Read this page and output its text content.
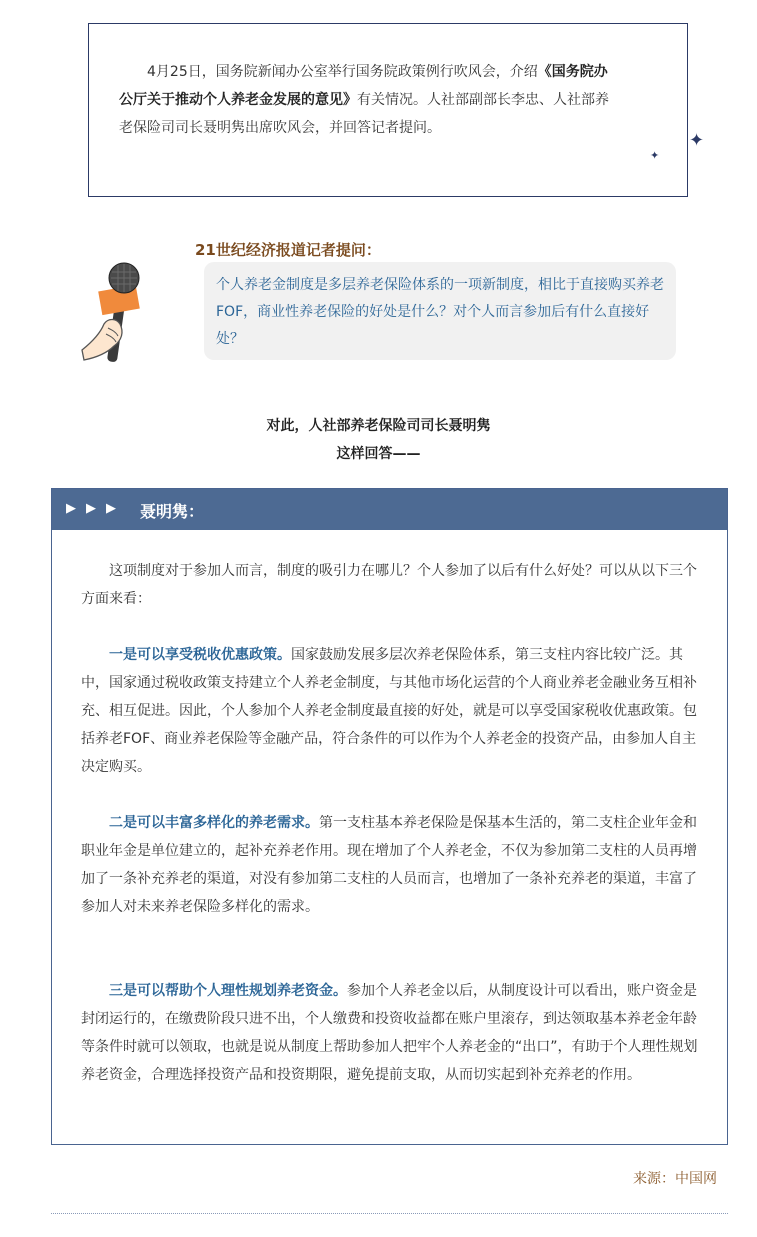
4月25日，国务院新闻办公室举行国务院政策例行吹风会，介绍《国务院办公厅关于推动个人养老金发展的意见》有关情况。人社部副部长李忠、人社部养老保险司司长聂明隽出席吹风会，并回答记者提问。

✦
✦
21世纪经济报道记者提问：

个人养老金制度是多层养老保险体系的一项新制度，相比于直接购买养老FOF，商业性养老保险的好处是什么？对个人而言参加后有什么直接好处？

对此，人社部养老保险司司长聂明隽
这样回答——
▶ ▶ ▶ 聂明隽：

这项制度对于参加人而言，制度的吸引力在哪儿？个人参加了以后有什么好处？可以从以下三个方面来看：

一是可以享受税收优惠政策。国家鼓励发展多层次养老保险体系，第三支柱内容比较广泛。其中，国家通过税收政策支持建立个人养老金制度，与其他市场化运营的个人商业养老金融业务互相补充、相互促进。因此，个人参加个人养老金制度最直接的好处，就是可以享受国家税收优惠政策。包括养老FOF、商业养老保险等金融产品，符合条件的可以作为个人养老金的投资产品，由参加人自主决定购买。

二是可以丰富多样化的养老需求。第一支柱基本养老保险是保基本生活的，第二支柱企业年金和职业年金是单位建立的，起补充养老作用。现在增加了个人养老金，不仅为参加第二支柱的人员再增加了一条补充养老的渠道，对没有参加第二支柱的人员而言，也增加了一条补充养老的渠道，丰富了参加人对未来养老保险多样化的需求。

三是可以帮助个人理性规划养老资金。参加个人养老金以后，从制度设计可以看出，账户资金是封闭运行的，在缴费阶段只进不出，个人缴费和投资收益都在账户里滚存，到达领取基本养老金年龄等条件时就可以领取，也就是说从制度上帮助参加人把牢个人养老金的“出口”，有助于个人理性规划养老资金，合理选择投资产品和投资期限，避免提前支取，从而切实起到补充养老的作用。

来源：中国网
